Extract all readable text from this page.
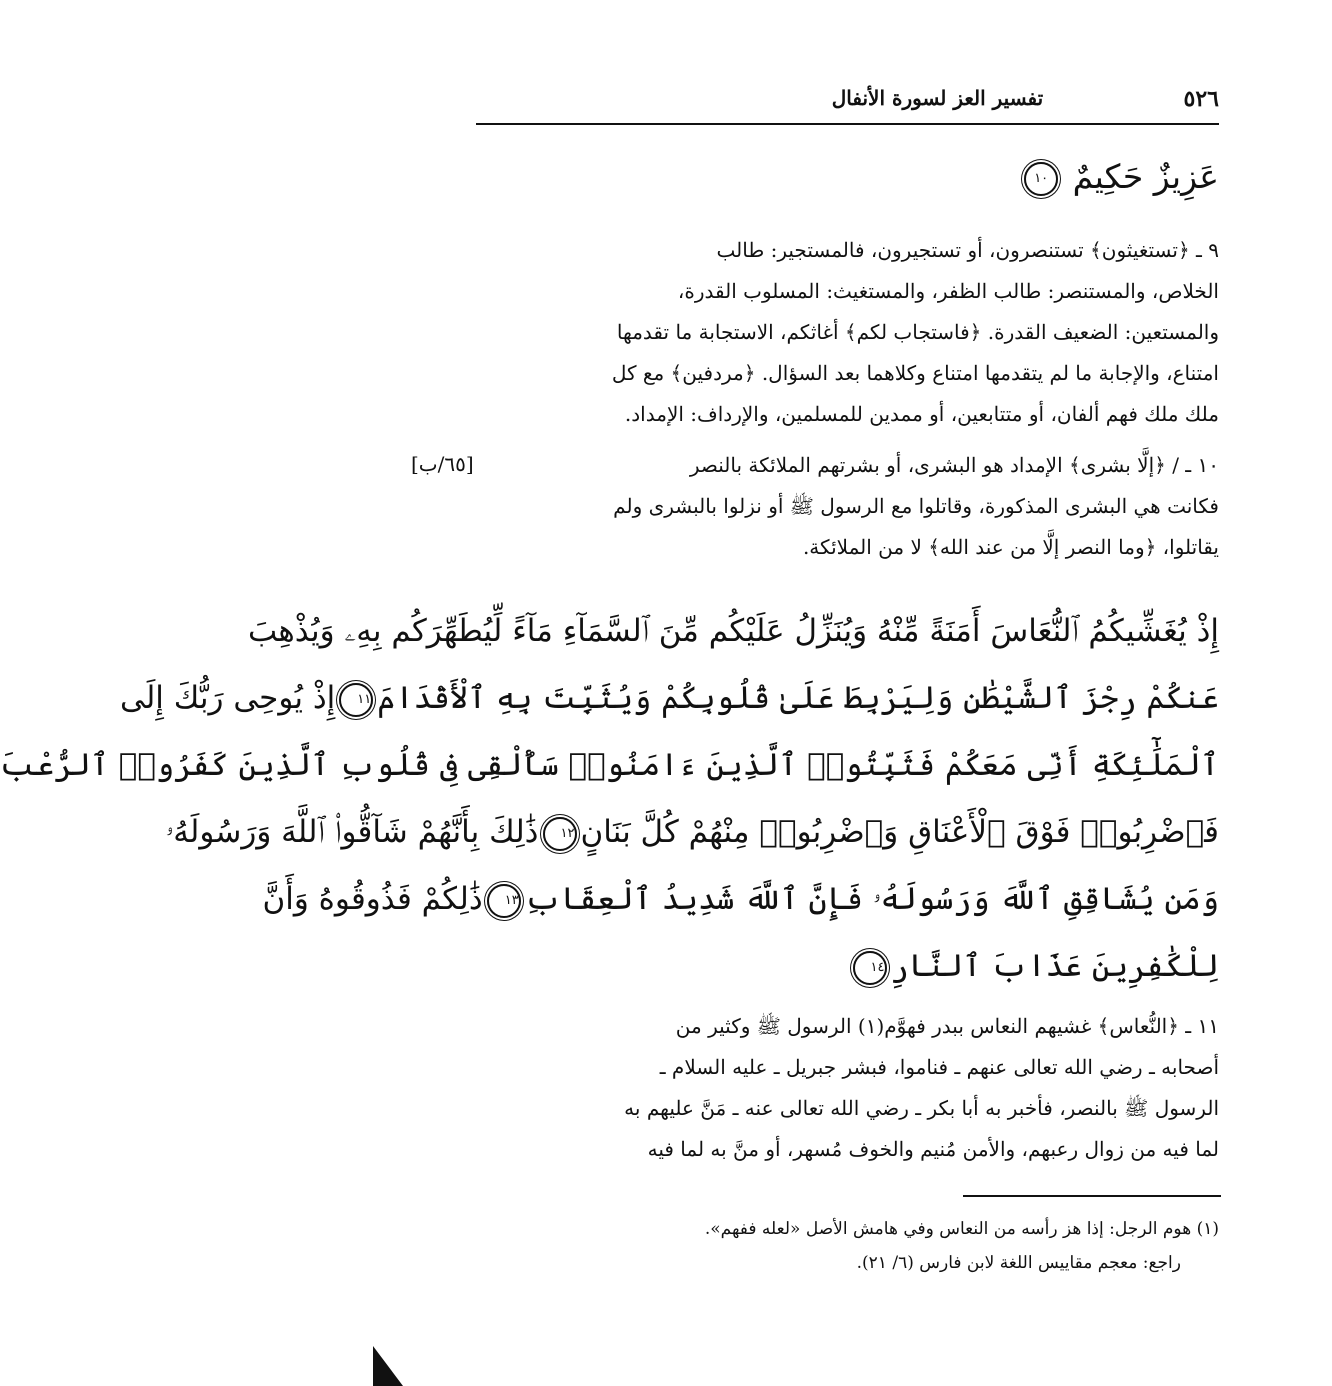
٥٢٦
تفسير العز لسورة الأنفال
عَزِيزٌ حَكِيمٌ ١٠

٩ ـ ﴿تستغيثون﴾ تستنصرون، أو تستجيرون، فالمستجير: طالب

الخلاص، والمستنصر: طالب الظفر، والمستغيث: المسلوب القدرة،

والمستعين: الضعيف القدرة. ﴿فاستجاب لكم﴾ أغاثكم، الاستجابة ما تقدمها

امتناع، والإجابة ما لم يتقدمها امتناع وكلاهما بعد السؤال. ﴿مردفين﴾ مع كل

ملك ملك فهم ألفان، أو متتابعين، أو ممدين للمسلمين، والإرداف: الإمداد.

[٦٥/ب]	١٠ ـ / ﴿إلَّا بشرى﴾ الإمداد هو البشرى، أو بشرتهم الملائكة بالنصر

فكانت هي البشرى المذكورة، وقاتلوا مع الرسول ﷺ أو نزلوا بالبشرى ولم

يقاتلوا، ﴿وما النصر إلَّا من عند الله﴾ لا من الملائكة.

إِذْ يُغَشِّيكُمُ ٱلنُّعَاسَ أَمَنَةً مِّنْهُ وَيُنَزِّلُ عَلَيْكُم مِّنَ ٱلسَّمَآءِ مَآءً لِّيُطَهِّرَكُم بِهِۦ وَيُذْهِبَ
عَنكُمْ رِجْزَ ٱلشَّيْطَٰنِ وَلِيَرْبِطَ عَلَىٰ قُلُوبِكُمْ وَيُثَبِّتَ بِهِ ٱلْأَقْدَامَ١١إِذْ يُوحِى رَبُّكَ إِلَى
ٱلْمَلَٰٓئِكَةِ أَنِّى مَعَكُمْ فَثَبِّتُوا۟ ٱلَّذِينَ ءَامَنُوا۟ سَأُلْقِى فِى قُلُوبِ ٱلَّذِينَ كَفَرُوا۟ ٱلرُّعْبَ
فَٱضْرِبُوا۟ فَوْقَ ٱلْأَعْنَاقِ وَٱضْرِبُوا۟ مِنْهُمْ كُلَّ بَنَانٍ١٢ذَٰلِكَ بِأَنَّهُمْ شَآقُّوا۟ ٱللَّهَ وَرَسُولَهُۥ
وَمَن يُشَاقِقِ ٱللَّهَ وَرَسُولَهُۥ فَإِنَّ ٱللَّهَ شَدِيدُ ٱلْعِقَابِ١٣ذَٰلِكُمْ فَذُوقُوهُ وَأَنَّ
لِلْكَٰفِرِينَ عَذَابَ ٱلنَّارِ١٤

١١ ـ ﴿النُّعاس﴾ غشيهم النعاس ببدر فهوَّم(١) الرسول ﷺ وكثير من

أصحابه ـ رضي الله تعالى عنهم ـ فناموا، فبشر جبريل ـ عليه السلام ـ

الرسول ﷺ بالنصر، فأخبر به أبا بكر ـ رضي الله تعالى عنه ـ مَنَّ عليهم به

لما فيه من زوال رعبهم، والأمن مُنيم والخوف مُسهر، أو منَّ به لما فيه

(١) هوم الرجل: إذا هز رأسه من النعاس وفي هامش الأصل «لعله ففهم».

راجع: معجم مقاييس اللغة لابن فارس (٦/ ٢١).
